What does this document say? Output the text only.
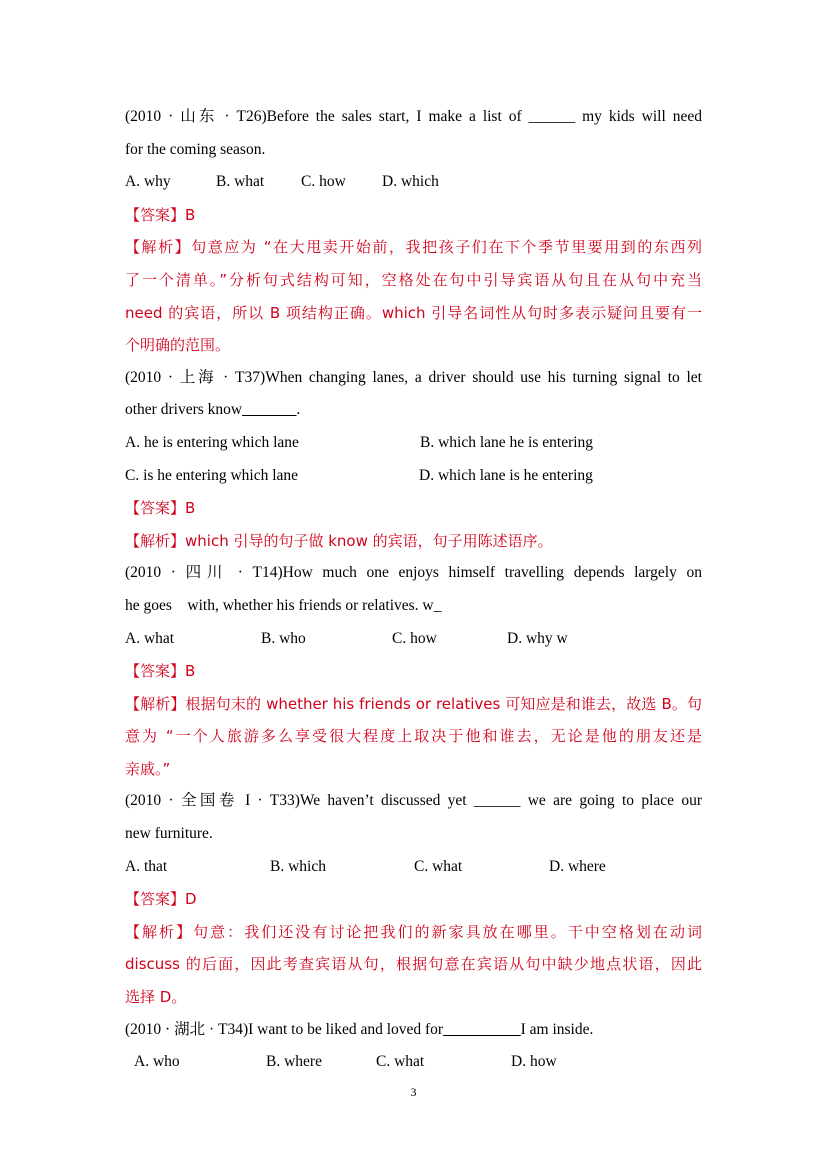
(2010 · 山东 · T26)Before the sales start, I make a list of ______ my kids will need
for the coming season.
A. why	B. what C. how D. which
【答案】B
【解析】句意应为 “在大甩卖开始前，我把孩子们在下个季节里要用到的东西列
了一个清单。”分析句式结构可知，空格处在句中引导宾语从句且在从句中充当
need 的宾语，所以 B 项结构正确。which 引导名词性从句时多表示疑问且要有一
个明确的范围。
(2010 · 上海 · T37)When changing lanes, a driver should use his turning signal to let
other drivers know_______.
A. he is entering which lane	B. which lane he is entering
C. is he entering which lane	D. which lane is he entering
【答案】B
【解析】which 引导的句子做 know 的宾语，句子用陈述语序。
(2010 · 四川 · T14)How much one enjoys himself travelling depends largely on
he goes    with, whether his friends or relatives. w_
A. what	B. who	C. how	D. why w
【答案】B
【解析】根据句末的 whether his friends or relatives 可知应是和谁去，故选 B。句
意为 “一个人旅游多么享受很大程度上取决于他和谁去，无论是他的朋友还是
亲戚。”
(2010 · 全国卷 I · T33)We haven’t discussed yet ______ we are going to place our
new furniture.
A. that	B. which	C. what	D. where
【答案】D
【解析】句意：我们还没有讨论把我们的新家具放在哪里。干中空格划在动词
discuss 的后面，因此考查宾语从句，根据句意在宾语从句中缺少地点状语，因此
选择 D。
(2010 · 湖北 · T34)I want to be liked and loved for__________I am inside.
A. who	B. where	C. what	D. how
3
